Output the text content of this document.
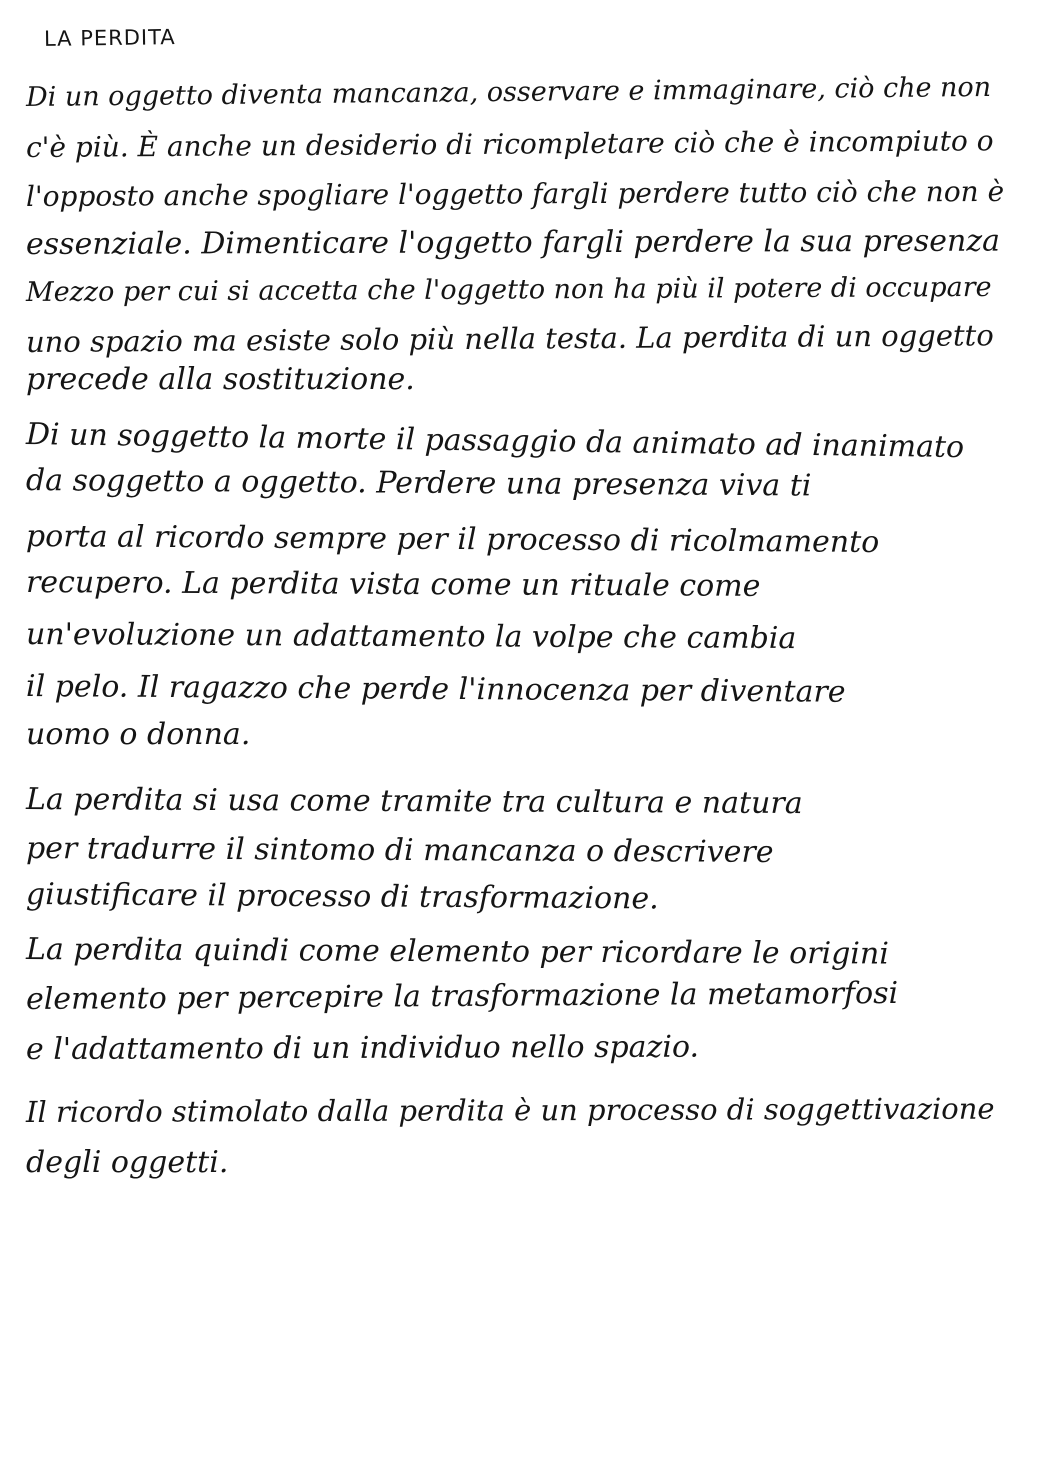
LA PERDITA
Di un oggetto diventa mancanza, osservare e immaginare, ciò che non
c'è più. È anche un desiderio di ricompletare ciò che è incompiuto o
l'opposto anche spogliare l'oggetto fargli perdere tutto ciò che non è
essenziale. Dimenticare l'oggetto fargli perdere la sua presenza
Mezzo per cui si accetta che l'oggetto non ha più il potere di occupare
uno spazio ma esiste solo più nella testa. La perdita di un oggetto
precede alla sostituzione.
Di un soggetto la morte il passaggio da animato ad inanimato
da soggetto a oggetto. Perdere una presenza viva ti
porta al ricordo sempre per il processo di ricolmamento
recupero. La perdita vista come un rituale come
un'evoluzione un adattamento la volpe che cambia
il pelo. Il ragazzo che perde l'innocenza per diventare
uomo o donna.
La perdita si usa come tramite tra cultura e natura
per tradurre il sintomo di mancanza o descrivere
giustificare il processo di trasformazione.
La perdita quindi come elemento per ricordare le origini
elemento per percepire la trasformazione la metamorfosi
e l'adattamento di un individuo nello spazio.
Il ricordo stimolato dalla perdita è un processo di soggettivazione
degli oggetti.
